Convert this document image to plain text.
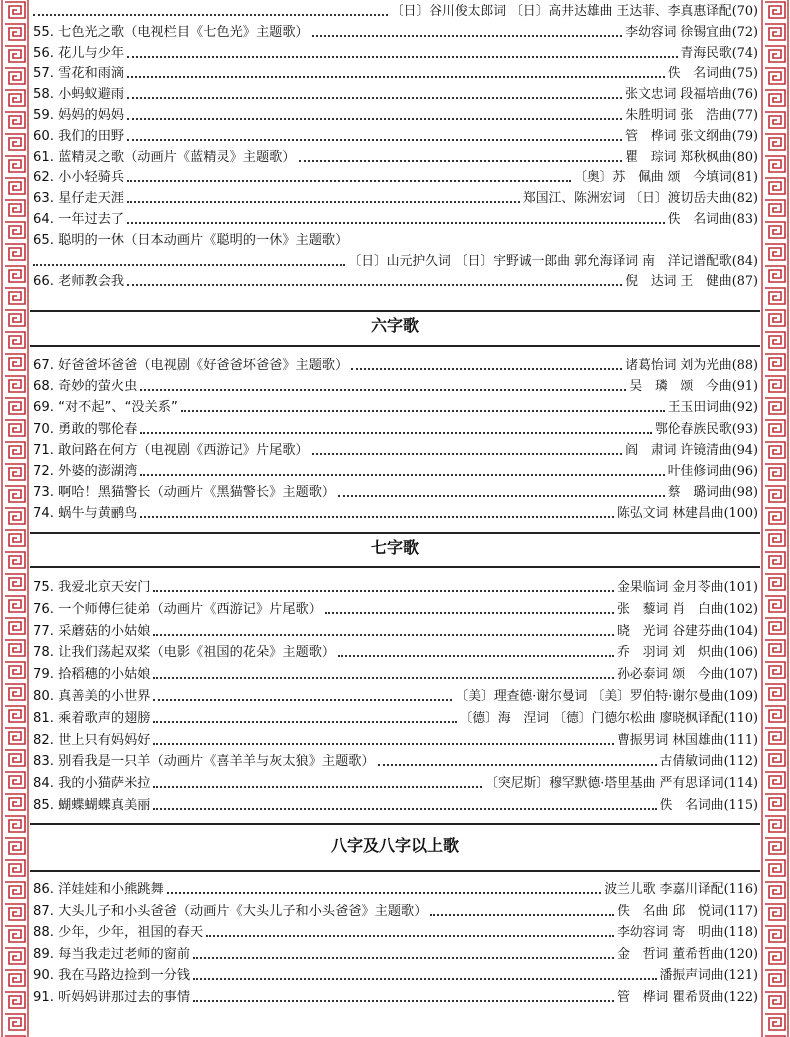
〔日〕谷川俊太郎词 〔日〕高井达雄曲 王达菲、李真惠译配 (70)
55. 七色光之歌（电视栏目《七色光》主题歌）	李幼容词 徐锡宜曲 (72)
56. 花儿与少年	青海民歌 (74)
57. 雪花和雨滴	佚　名词曲 (75)
58. 小蚂蚁避雨	张文忠词 段福培曲 (76)
59. 妈妈的妈妈	朱胜明词 张　浩曲 (77)
60. 我们的田野	管　桦词 张文纲曲 (79)
61. 蓝精灵之歌（动画片《蓝精灵》主题歌）	瞿　琮词 郑秋枫曲 (80)
62. 小小轻骑兵	〔奥〕苏　佩曲 颂　今填词 (81)
63. 星仔走天涯	郑国江、陈洲宏词 〔日〕渡切岳夫曲 (82)
64. 一年过去了	佚　名词曲 (83)
65. 聪明的一休（日本动画片《聪明的一休》主题歌）
〔日〕山元护久词 〔日〕宇野诚一郎曲 郭允海译词 南　洋记谱配歌 (84)
66. 老师教会我	倪　达词 王　健曲 (87)
六字歌
67. 好爸爸坏爸爸（电视剧《好爸爸坏爸爸》主题歌）	诸葛怡词 刘为光曲 (88)
68. 奇妙的萤火虫	吴　璘　颂　今曲 (91)
69. “对不起”、“没关系”	王玉田词曲 (92)
70. 勇敢的鄂伦春	鄂伦春族民歌 (93)
71. 敢问路在何方（电视剧《西游记》片尾歌）	阎　肃词 许镜清曲 (94)
72. 外婆的澎湖湾	叶佳修词曲 (96)
73. 啊哈！黑猫警长（动画片《黑猫警长》主题歌）	蔡　璐词曲 (98)
74. 蜗牛与黄鹂鸟	陈弘文词 林建昌曲 (100)
七字歌
75. 我爱北京天安门	金果临词 金月苓曲 (101)
76. 一个师傅仨徒弟（动画片《西游记》片尾歌）	张　藜词 肖　白曲 (102)
77. 采蘑菇的小姑娘	晓　光词 谷建芬曲 (104)
78. 让我们荡起双桨（电影《祖国的花朵》主题歌）	乔　羽词 刘　炽曲 (106)
79. 拾稻穗的小姑娘	孙必泰词 颂　今曲 (107)
80. 真善美的小世界	〔美〕理查德·谢尔曼词 〔美〕罗伯特·谢尔曼曲 (109)
81. 乘着歌声的翅膀	〔德〕海　涅词 〔德〕门德尔松曲 廖晓枫译配 (110)
82. 世上只有妈妈好	曹振男词 林国雄曲 (111)
83. 别看我是一只羊（动画片《喜羊羊与灰太狼》主题歌）	古倩敏词曲 (112)
84. 我的小猫萨米拉	〔突尼斯〕穆罕默德·塔里基曲 严有思译词 (114)
85. 蝴蝶蝴蝶真美丽	佚　名词曲 (115)
八字及八字以上歌
86. 洋娃娃和小熊跳舞	波兰儿歌 李嘉川译配 (116)
87. 大头儿子和小头爸爸（动画片《大头儿子和小头爸爸》主题歌）	佚　名曲 邱　悦词 (117)
88. 少年，少年，祖国的春天	李幼容词 寄　明曲 (118)
89. 每当我走过老师的窗前	金　哲词 董希哲曲 (120)
90. 我在马路边捡到一分钱	潘振声词曲 (121)
91. 听妈妈讲那过去的事情	管　桦词 瞿希贤曲 (122)
